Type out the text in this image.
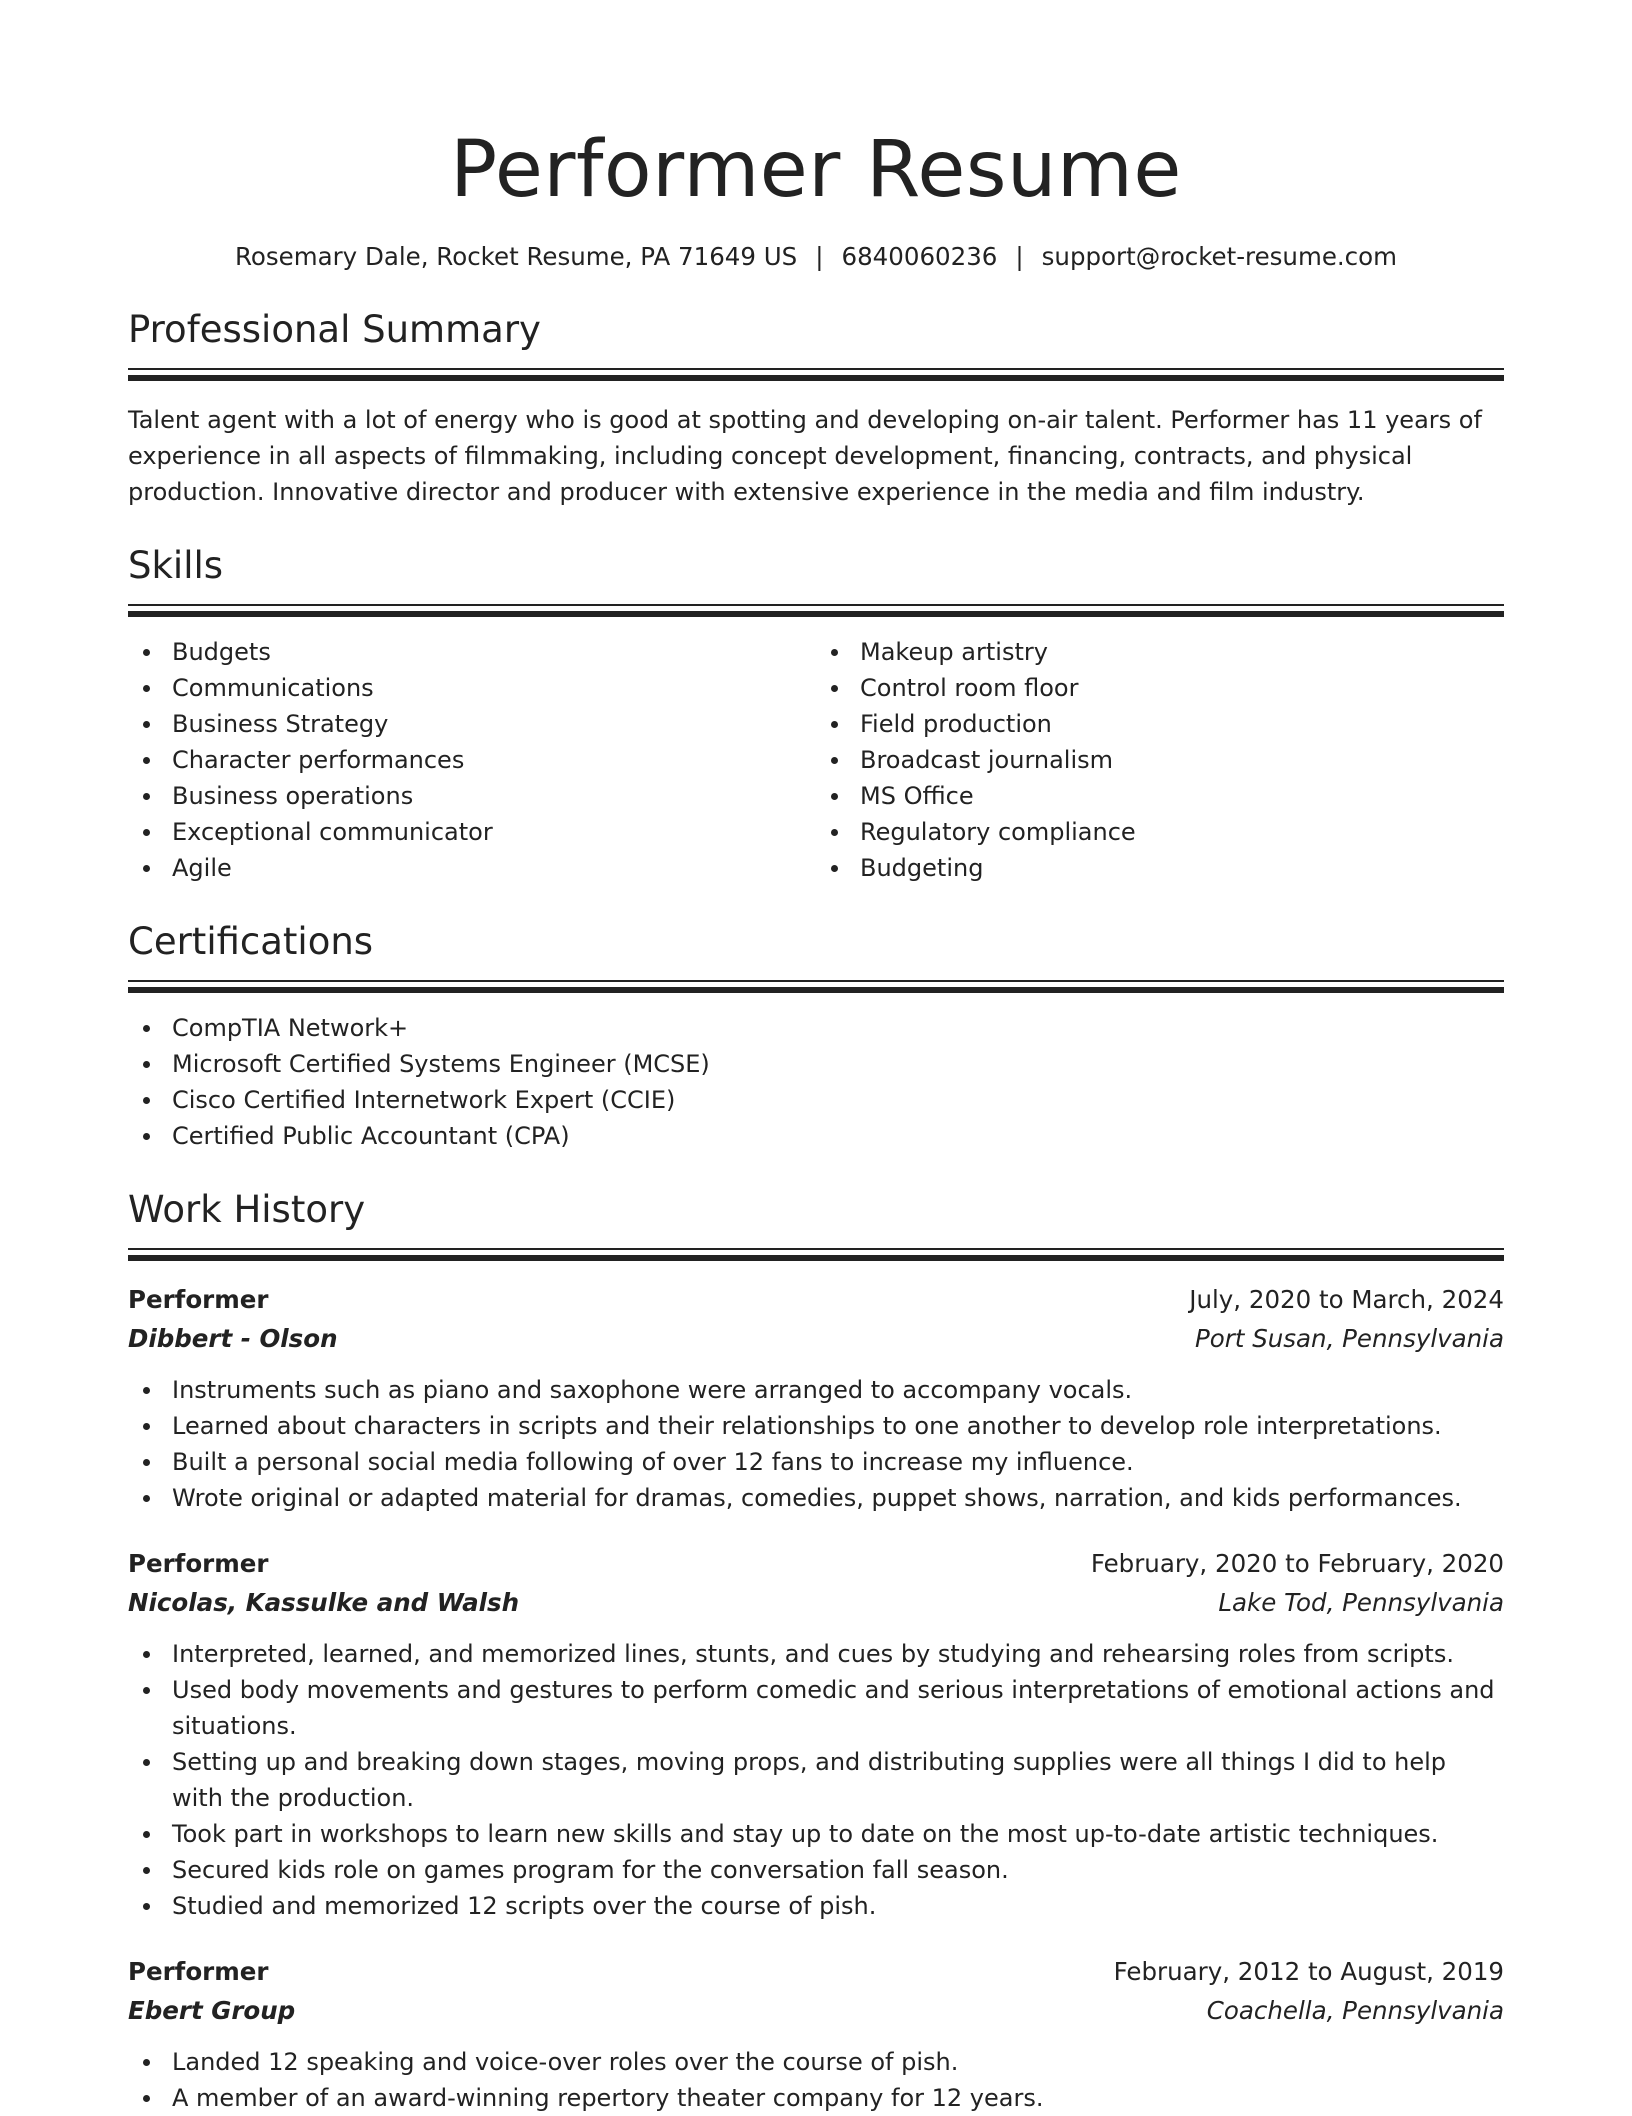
Performer Resume
Rosemary Dale, Rocket Resume, PA 71649 US | 6840060236 | support@rocket-resume.com
Professional Summary
Talent agent with a lot of energy who is good at spotting and developing on-air talent. Performer has 11 years of experience in all aspects of filmmaking, including concept development, financing, contracts, and physical production. Innovative director and producer with extensive experience in the media and film industry.
Skills
Budgets
Communications
Business Strategy
Character performances
Business operations
Exceptional communicator
Agile
Makeup artistry
Control room floor
Field production
Broadcast journalism
MS Office
Regulatory compliance
Budgeting
Certifications
CompTIA Network+
Microsoft Certified Systems Engineer (MCSE)
Cisco Certified Internetwork Expert (CCIE)
Certified Public Accountant (CPA)
Work History
Performer	July, 2020 to March, 2024
Dibbert - Olson	Port Susan, Pennsylvania
Instruments such as piano and saxophone were arranged to accompany vocals.
Learned about characters in scripts and their relationships to one another to develop role interpretations.
Built a personal social media following of over 12 fans to increase my influence.
Wrote original or adapted material for dramas, comedies, puppet shows, narration, and kids performances.
Performer	February, 2020 to February, 2020
Nicolas, Kassulke and Walsh	Lake Tod, Pennsylvania
Interpreted, learned, and memorized lines, stunts, and cues by studying and rehearsing roles from scripts.
Used body movements and gestures to perform comedic and serious interpretations of emotional actions and situations.
Setting up and breaking down stages, moving props, and distributing supplies were all things I did to help with the production.
Took part in workshops to learn new skills and stay up to date on the most up-to-date artistic techniques.
Secured kids role on games program for the conversation fall season.
Studied and memorized 12 scripts over the course of pish.
Performer	February, 2012 to August, 2019
Ebert Group	Coachella, Pennsylvania
Landed 12 speaking and voice-over roles over the course of pish.
A member of an award-winning repertory theater company for 12 years.
